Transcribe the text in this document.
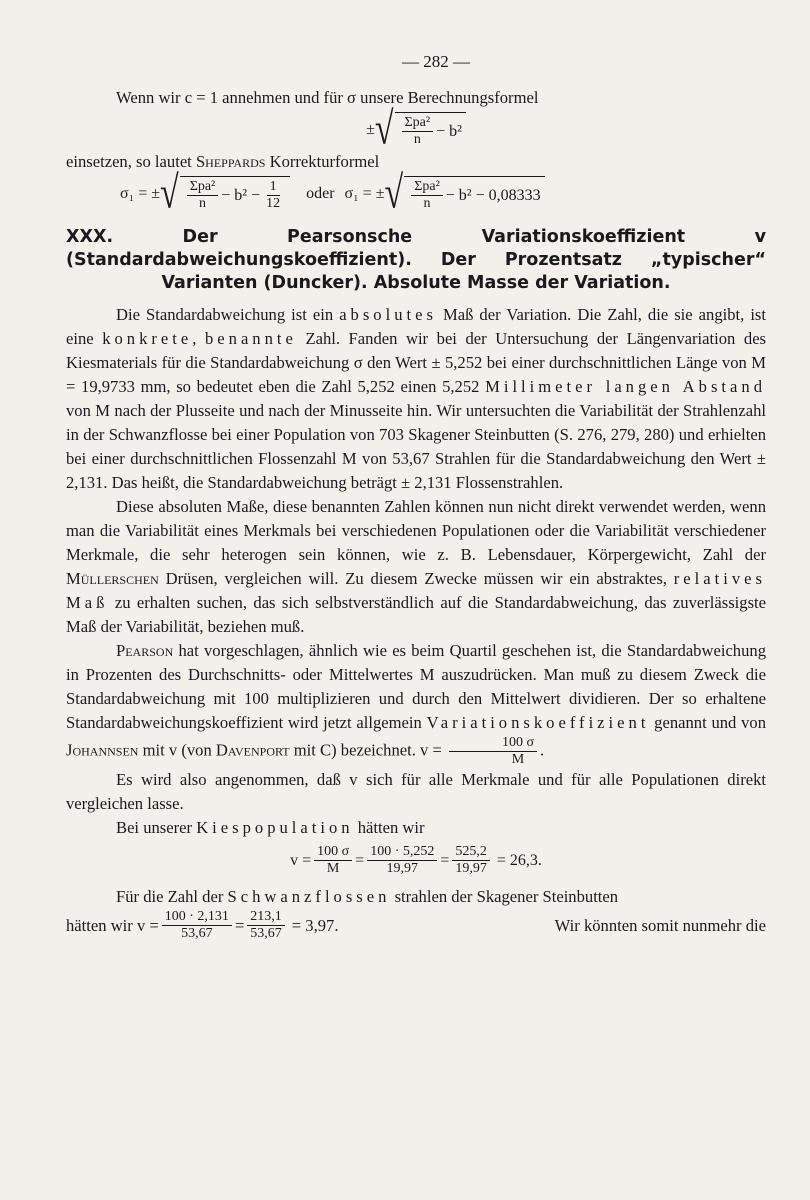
— 282 —

Wenn wir c = 1 annehmen und für σ unsere Berechnungsformel

± √ $\frac{\text{Σpa²}}{n} - b^2$

einsetzen, so lautet Sheppards Korrekturformel

σ₁ = ± √ $\frac{\text{Σpa²}}{n} - b^2 - \frac{1}{12}$ oder σ₁ = ± √ $\frac{\text{Σpa²}}{n} - b^2 - 0,08333$
XXX. Der Pearsonsche Variationskoeffizient v (Standardabweichungskoeffizient). Der Prozentsatz „typischer“ Varianten (Duncker). Absolute Masse der Variation.

Die Standardabweichung ist ein absolutes Maß der Variation. Die Zahl, die sie angibt, ist eine konkrete, benannte Zahl. Fanden wir bei der Untersuchung der Längenvariation des Kiesmaterials für die Standardabweichung σ den Wert ± 5,252 bei einer durchschnittlichen Länge von M = 19,9733 mm, so bedeutet eben die Zahl 5,252 einen 5,252 Millimeter langen Abstand von M nach der Plusseite und nach der Minusseite hin. Wir untersuchten die Variabilität der Strahlenzahl in der Schwanzflosse bei einer Population von 703 Skagener Steinbutten (S. 276, 279, 280) und erhielten bei einer durchschnittlichen Flossenzahl M von 53,67 Strahlen für die Standardabweichung den Wert ± 2,131. Das heißt, die Standardabweichung beträgt ± 2,131 Flossenstrahlen.

Diese absoluten Maße, diese benannten Zahlen können nun nicht direkt verwendet werden, wenn man die Variabilität eines Merkmals bei verschiedenen Populationen oder die Variabilität verschiedener Merkmale, die sehr heterogen sein können, wie z. B. Lebensdauer, Körpergewicht, Zahl der Müllerschen Drüsen, vergleichen will. Zu diesem Zwecke müssen wir ein abstraktes, relatives Maß zu erhalten suchen, das sich selbstverständlich auf die Standardabweichung, das zuverlässigste Maß der Variabilität, beziehen muß.

Pearson hat vorgeschlagen, ähnlich wie es beim Quartil geschehen ist, die Standardabweichung in Prozenten des Durchschnitts- oder Mittelwertes M auszudrücken. Man muß zu diesem Zweck die Standardabweichung mit 100 multiplizieren und durch den Mittelwert dividieren. Der so erhaltene Standardabweichungskoeffizient wird jetzt allgemein Variationskoeffizient genannt und von Johannsen mit v (von Davenport mit C) bezeichnet. $v = \frac{100 \sigma}{M}$ .

Es wird also angenommen, daß v sich für alle Merkmale und für alle Populationen direkt vergleichen lasse.

Bei unserer Kiespopulation hätten wir

$v = \frac{100 \sigma}{M} = \frac{100 \cdot 5,252}{19,97} = \frac{525,2}{19,97} = 26,3$.

Für die Zahl der Schwanzflossen strahlen der Skagener Steinbutten

hätten wir $v = \frac{100 \cdot 2,131}{53,67} = \frac{213,1}{53,67} = 3,97$.	Wir könnten somit nunmehr die
